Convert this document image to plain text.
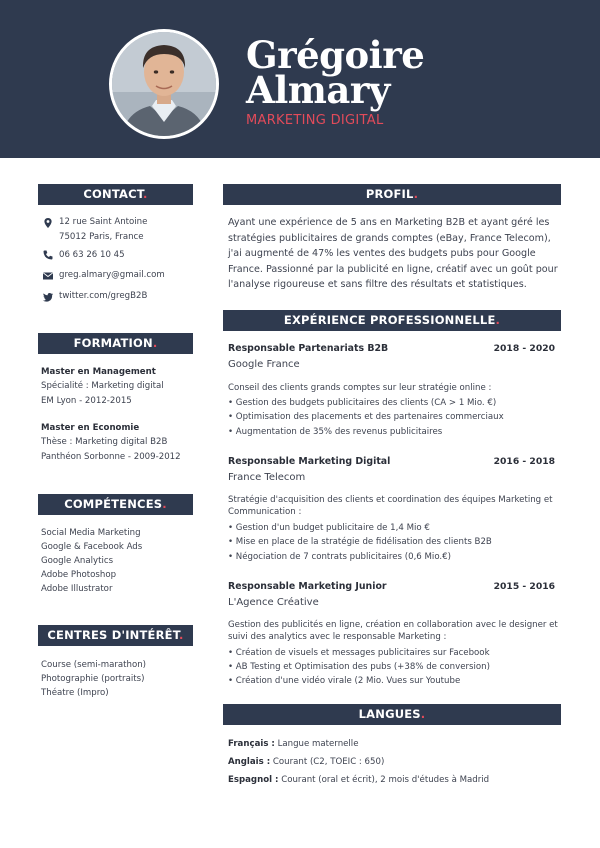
Grégoire
Almary
MARKETING DIGITAL
CONTACT.
12 rue Saint Antoine
75012 Paris, France
06 63 26 10 45
greg.almary@gmail.com
twitter.com/gregB2B
FORMATION.
Master en Management
Spécialité : Marketing digital
EM Lyon - 2012-2015
Master en Economie
Thèse : Marketing digital B2B
Panthéon Sorbonne - 2009-2012
COMPÉTENCES.
Social Media Marketing
Google & Facebook Ads
Google Analytics
Adobe Photoshop
Adobe Illustrator
CENTRES D'INTÉRÊT.
Course (semi-marathon)
Photographie (portraits)
Théatre (Impro)
PROFIL.
Ayant une expérience de 5 ans en Marketing B2B et ayant géré les stratégies publicitaires de grands comptes (eBay, France Telecom), j'ai augmenté de 47% les ventes des budgets pubs pour Google France. Passionné par la publicité en ligne, créatif avec un goût pour l'analyse rigoureuse et sans filtre des résultats et statistiques.
EXPÉRIENCE PROFESSIONNELLE.
Responsable Partenariats B2B	2018 - 2020
Google France
Conseil des clients grands comptes sur leur stratégie online :
• Gestion des budgets publicitaires des clients (CA > 1 Mio. €)
• Optimisation des placements et des partenaires commerciaux
• Augmentation de 35% des revenus publicitaires
Responsable Marketing Digital	2016 - 2018
France Telecom
Stratégie d'acquisition des clients et coordination des équipes Marketing et Communication :
• Gestion d'un budget publicitaire de 1,4 Mio €
• Mise en place de la stratégie de fidélisation des clients B2B
• Négociation de 7 contrats publicitaires (0,6 Mio.€)
Responsable Marketing Junior	2015 - 2016
L'Agence Créative
Gestion des publicités en ligne, création en collaboration avec le designer et suivi des analytics avec le responsable Marketing :
• Création de visuels et messages publicitaires sur Facebook
• AB Testing et Optimisation des pubs (+38% de conversion)
• Création d'une vidéo virale (2 Mio. Vues sur Youtube
LANGUES.
Français : Langue maternelle
Anglais : Courant (C2, TOEIC : 650)
Espagnol : Courant (oral et écrit), 2 mois d'études à Madrid
